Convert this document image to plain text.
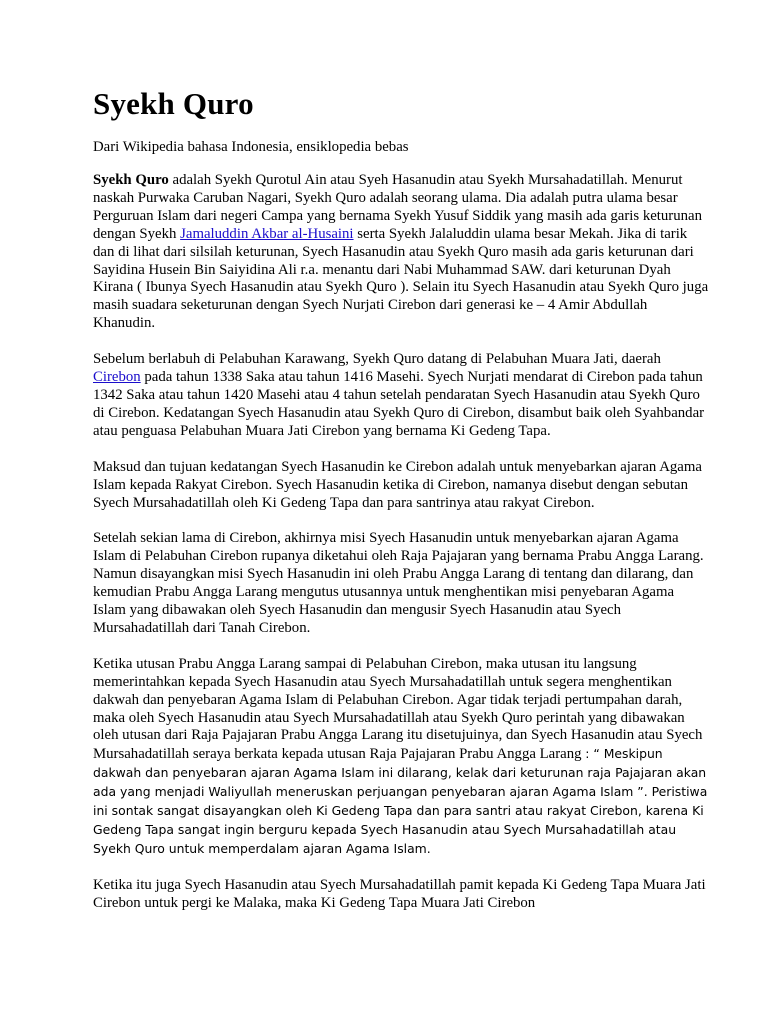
Syekh Quro

Dari Wikipedia bahasa Indonesia, ensiklopedia bebas

Syekh Quro adalah Syekh Qurotul Ain atau Syeh Hasanudin atau Syekh Mursahadatillah. Menurut naskah Purwaka Caruban Nagari, Syekh Quro adalah seorang ulama. Dia adalah putra ulama besar Perguruan Islam dari negeri Campa yang bernama Syekh Yusuf Siddik yang masih ada garis keturunan dengan Syekh Jamaluddin Akbar al-Husaini serta Syekh Jalaluddin ulama besar Mekah. Jika di tarik dan di lihat dari silsilah keturunan, Syech Hasanudin atau Syekh Quro masih ada garis keturunan dari Sayidina Husein Bin Saiyidina Ali r.a. menantu dari Nabi Muhammad SAW. dari keturunan Dyah Kirana ( Ibunya Syech Hasanudin atau Syekh Quro ). Selain itu Syech Hasanudin atau Syekh Quro juga masih suadara seketurunan dengan Syech Nurjati Cirebon dari generasi ke – 4 Amir Abdullah Khanudin.

Sebelum berlabuh di Pelabuhan Karawang, Syekh Quro datang di Pelabuhan Muara Jati, daerah Cirebon pada tahun 1338 Saka atau tahun 1416 Masehi. Syech Nurjati mendarat di Cirebon pada tahun 1342 Saka atau tahun 1420 Masehi atau 4 tahun setelah pendaratan Syech Hasanudin atau Syekh Quro di Cirebon. Kedatangan Syech Hasanudin atau Syekh Quro di Cirebon, disambut baik oleh Syahbandar atau penguasa Pelabuhan Muara Jati Cirebon yang bernama Ki Gedeng Tapa.

Maksud dan tujuan kedatangan Syech Hasanudin ke Cirebon adalah untuk menyebarkan ajaran Agama Islam kepada Rakyat Cirebon. Syech Hasanudin ketika di Cirebon, namanya disebut dengan sebutan Syech Mursahadatillah oleh Ki Gedeng Tapa dan para santrinya atau rakyat Cirebon.

Setelah sekian lama di Cirebon, akhirnya misi Syech Hasanudin untuk menyebarkan ajaran Agama Islam di Pelabuhan Cirebon rupanya diketahui oleh Raja Pajajaran yang bernama Prabu Angga Larang. Namun disayangkan misi Syech Hasanudin ini oleh Prabu Angga Larang di tentang dan dilarang, dan kemudian Prabu Angga Larang mengutus utusannya untuk menghentikan misi penyebaran Agama Islam yang dibawakan oleh Syech Hasanudin dan mengusir Syech Hasanudin atau Syech Mursahadatillah dari Tanah Cirebon.

Ketika utusan Prabu Angga Larang sampai di Pelabuhan Cirebon, maka utusan itu langsung memerintahkan kepada Syech Hasanudin atau Syech Mursahadatillah untuk segera menghentikan dakwah dan penyebaran Agama Islam di Pelabuhan Cirebon. Agar tidak terjadi pertumpahan darah, maka oleh Syech Hasanudin atau Syech Mursahadatillah atau Syekh Quro perintah yang dibawakan oleh utusan dari Raja Pajajaran Prabu Angga Larang itu disetujuinya, dan Syech Hasanudin atau Syech Mursahadatillah seraya berkata kepada utusan Raja Pajajaran Prabu Angga Larang : “ Meskipun dakwah dan penyebaran ajaran Agama Islam ini dilarang, kelak dari keturunan raja Pajajaran akan ada yang menjadi Waliyullah meneruskan perjuangan penyebaran ajaran Agama Islam ”. Peristiwa ini sontak sangat disayangkan oleh Ki Gedeng Tapa dan para santri atau rakyat Cirebon, karena Ki Gedeng Tapa sangat ingin berguru kepada Syech Hasanudin atau Syech Mursahadatillah atau Syekh Quro untuk memperdalam ajaran Agama Islam.

Ketika itu juga Syech Hasanudin atau Syech Mursahadatillah pamit kepada Ki Gedeng Tapa Muara Jati Cirebon untuk pergi ke Malaka, maka Ki Gedeng Tapa Muara Jati Cirebon
